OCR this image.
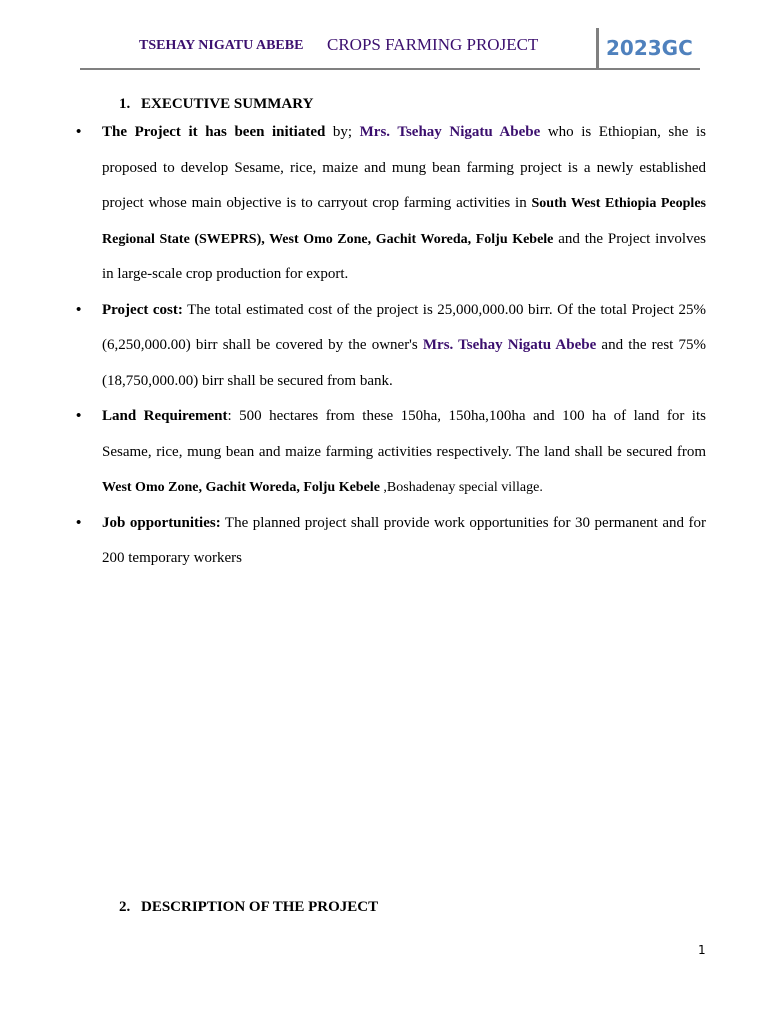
TSEHAY NIGATU ABEBE CROPS FARMING PROJECT	2023GC
1. EXECUTIVE SUMMARY
• The Project it has been initiated by; Mrs. Tsehay Nigatu Abebe who is Ethiopian, she is proposed to develop Sesame, rice, maize and mung bean farming project is a newly established project whose main objective is to carryout crop farming activities in South West Ethiopia Peoples Regional State (SWEPRS), West Omo Zone, Gachit Woreda, Folju Kebele and the Project involves in large-scale crop production for export.
• Project cost: The total estimated cost of the project is 25,000,000.00 birr. Of the total Project 25% (6,250,000.00) birr shall be covered by the owner's Mrs. Tsehay Nigatu Abebe and the rest 75% (18,750,000.00) birr shall be secured from bank.
• Land Requirement: 500 hectares from these 150ha, 150ha,100ha and 100 ha of land for its Sesame, rice, mung bean and maize farming activities respectively. The land shall be secured from West Omo Zone, Gachit Woreda, Folju Kebele ,Boshadenay special village.
• Job opportunities: The planned project shall provide work opportunities for 30 permanent and for 200 temporary workers
2. DESCRIPTION OF THE PROJECT
1
